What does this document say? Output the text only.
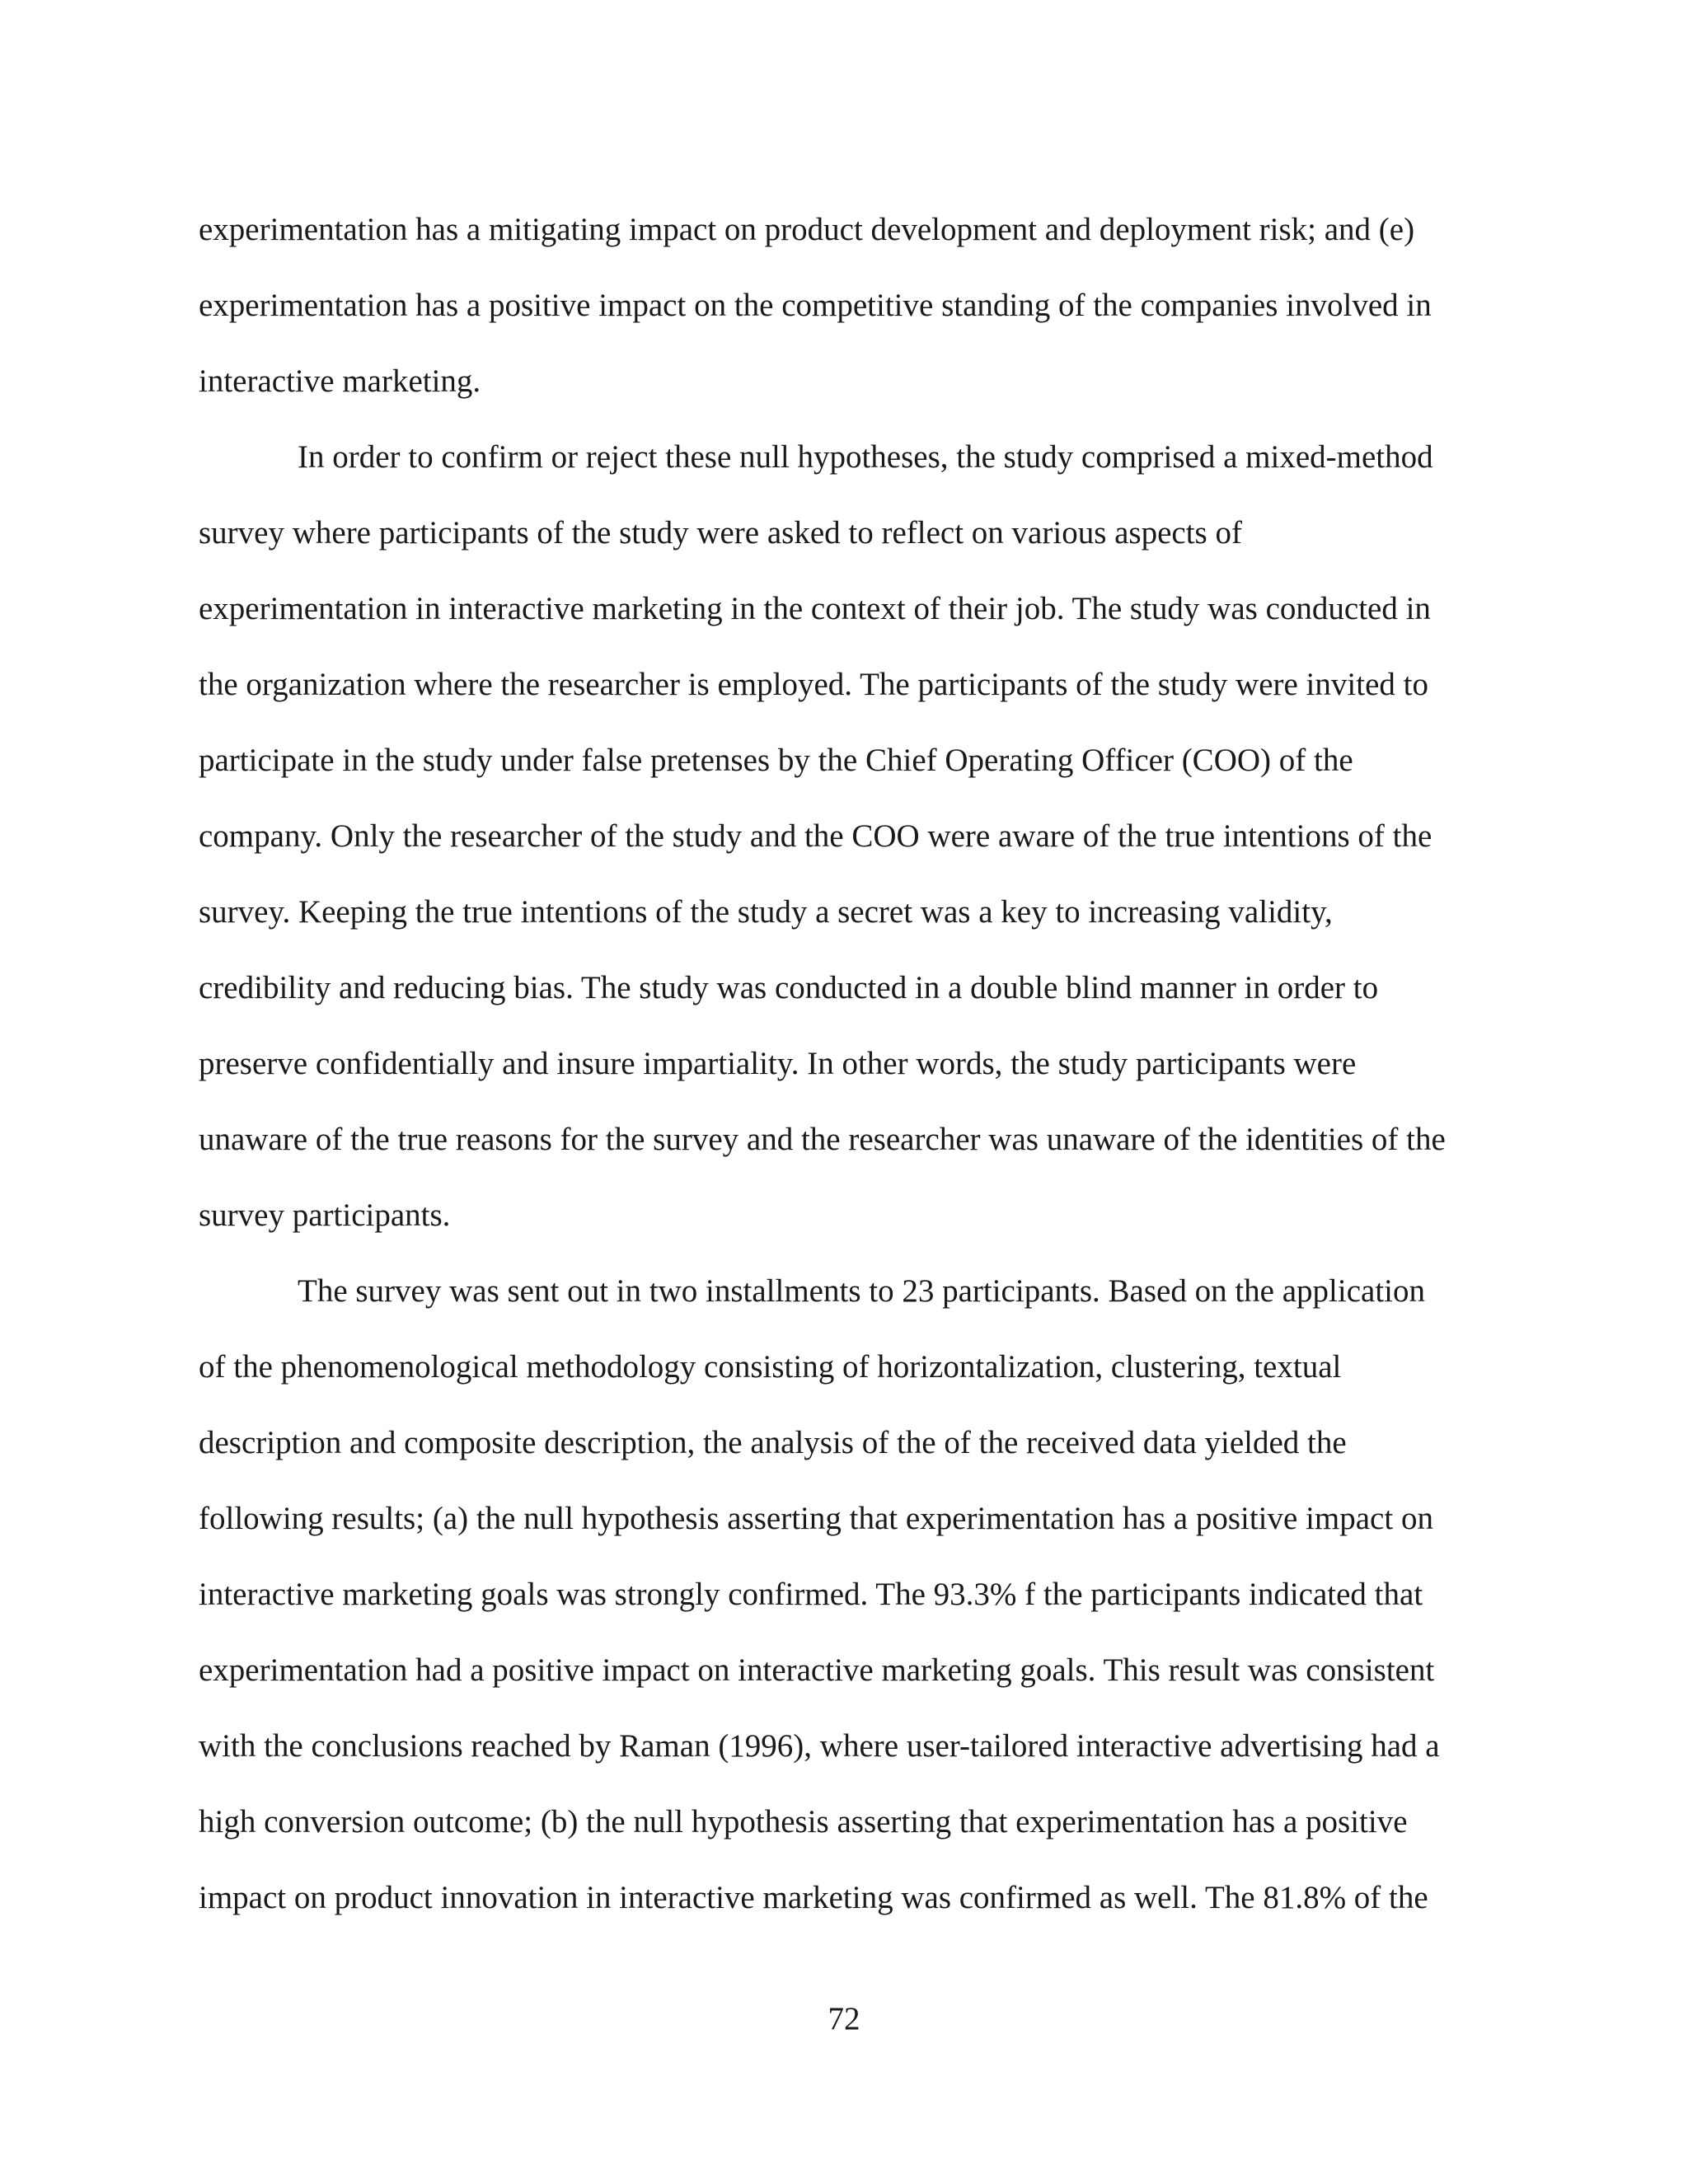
experimentation has a mitigating impact on product development and deployment risk; and (e)
experimentation has a positive impact on the competitive standing of the companies involved in
interactive marketing.
In order to confirm or reject these null hypotheses, the study comprised a mixed-method
survey where participants of the study were asked to reflect on various aspects of
experimentation in interactive marketing in the context of their job. The study was conducted in
the organization where the researcher is employed. The participants of the study were invited to
participate in the study under false pretenses by the Chief Operating Officer (COO) of the
company. Only the researcher of the study and the COO were aware of the true intentions of the
survey. Keeping the true intentions of the study a secret was a key to increasing validity,
credibility and reducing bias. The study was conducted in a double blind manner in order to
preserve confidentially and insure impartiality. In other words, the study participants were
unaware of the true reasons for the survey and the researcher was unaware of the identities of the
survey participants.
The survey was sent out in two installments to 23 participants. Based on the application
of the phenomenological methodology consisting of horizontalization, clustering, textual
description and composite description, the analysis of the of the received data yielded the
following results; (a) the null hypothesis asserting that experimentation has a positive impact on
interactive marketing goals was strongly confirmed. The 93.3% f the participants indicated that
experimentation had a positive impact on interactive marketing goals. This result was consistent
with the conclusions reached by Raman (1996), where user-tailored interactive advertising had a
high conversion outcome; (b) the null hypothesis asserting that experimentation has a positive
impact on product innovation in interactive marketing was confirmed as well. The 81.8% of the
72
